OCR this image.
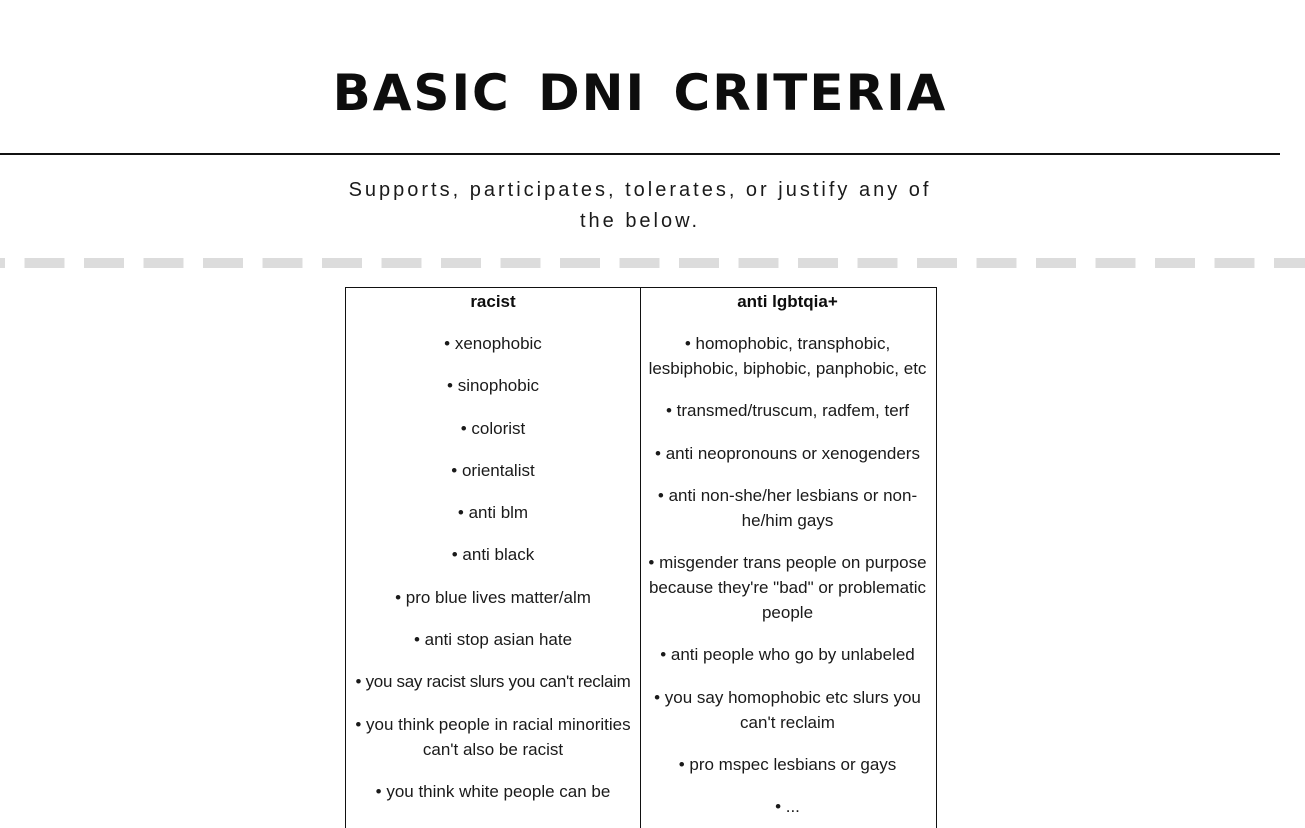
BASIC DNI CRITERIA
Supports, participates, tolerates, or justify any of the below.
racist
• xenophobic
• sinophobic
• colorist
• orientalist
• anti blm
• anti black
• pro blue lives matter/alm
• anti stop asian hate
• you say racist slurs you can't reclaim
• you think people in racial minorities can't also be racist
• you think white people can be
anti lgbtqia+
• homophobic, transphobic, lesbiphobic, biphobic, panphobic, etc
• transmed/truscum, radfem, terf
• anti neopronouns or xenogenders
• anti non-she/her lesbians or non-he/him gays
• misgender trans people on purpose because they're "bad" or problematic people
• anti people who go by unlabeled
• you say homophobic etc slurs you can't reclaim
• pro mspec lesbians or gays
• ...
